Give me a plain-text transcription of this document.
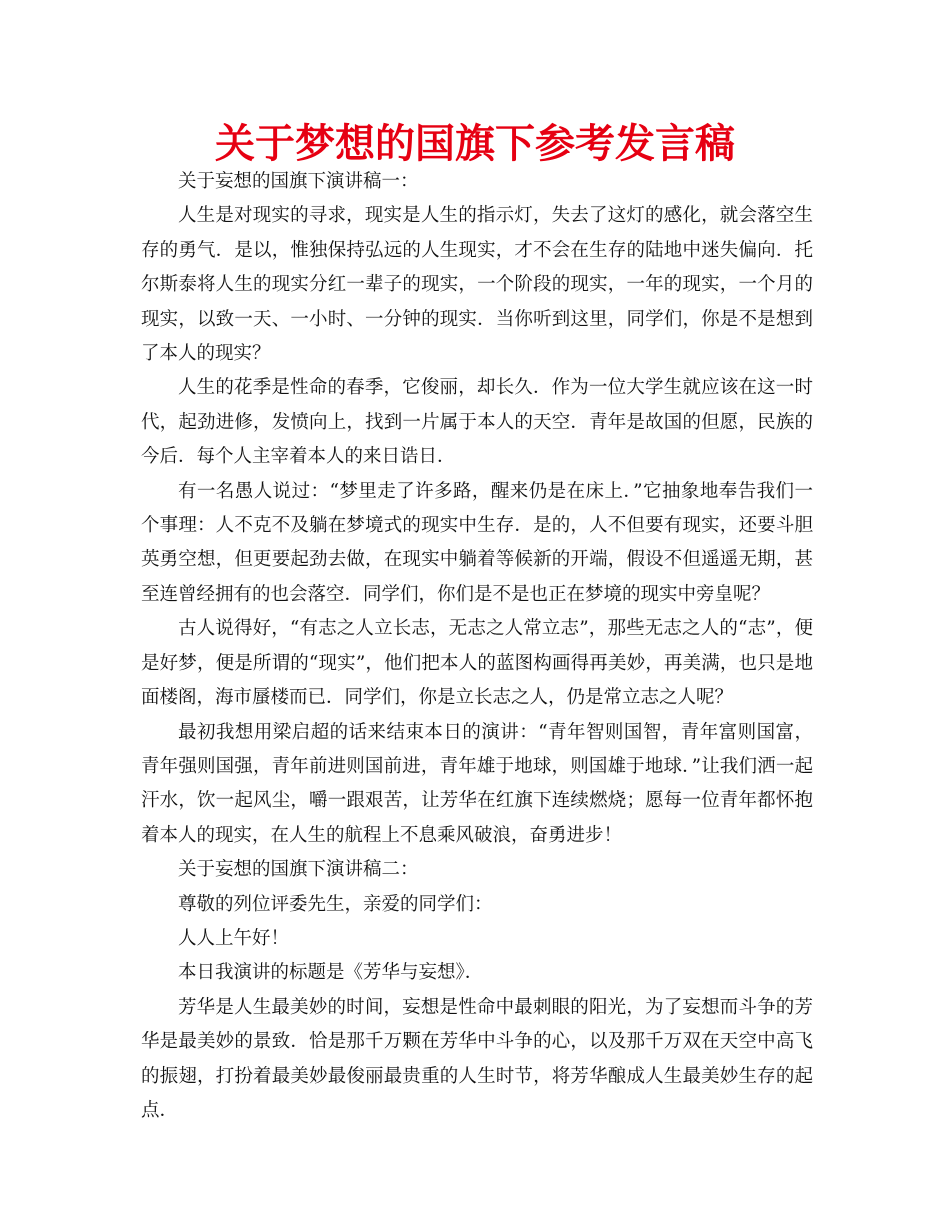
关于梦想的国旗下参考发言稿

关于妄想的国旗下演讲稿一：

人生是对现实的寻求，现实是人生的指示灯，失去了这灯的感化，就会落空生存的勇气．是以，惟独保持弘远的人生现实，才不会在生存的陆地中迷失偏向．托尔斯泰将人生的现实分红一辈子的现实，一个阶段的现实，一年的现实，一个月的现实，以致一天、一小时、一分钟的现实．当你听到这里，同学们，你是不是想到了本人的现实？

人生的花季是性命的春季，它俊丽，却长久．作为一位大学生就应该在这一时代，起劲进修，发愤向上，找到一片属于本人的天空．青年是故国的但愿，民族的今后．每个人主宰着本人的来日诰日．

有一名愚人说过：“梦里走了许多路，醒来仍是在床上．”它抽象地奉告我们一个事理：人不克不及躺在梦境式的现实中生存．是的，人不但要有现实，还要斗胆英勇空想，但更要起劲去做，在现实中躺着等候新的开端，假设不但遥遥无期，甚至连曾经拥有的也会落空．同学们，你们是不是也正在梦境的现实中旁皇呢？

古人说得好，“有志之人立长志，无志之人常立志”，那些无志之人的“志”，便是好梦，便是所谓的“现实”，他们把本人的蓝图构画得再美妙，再美满，也只是地面楼阁，海市蜃楼而已．同学们，你是立长志之人，仍是常立志之人呢？

最初我想用梁启超的话来结束本日的演讲：“青年智则国智，青年富则国富，青年强则国强，青年前进则国前进，青年雄于地球，则国雄于地球．”让我们洒一起汗水，饮一起风尘，嚼一跟艰苦，让芳华在红旗下连续燃烧；愿每一位青年都怀抱着本人的现实，在人生的航程上不息乘风破浪，奋勇进步！

关于妄想的国旗下演讲稿二：

尊敬的列位评委先生，亲爱的同学们：

人人上午好！

本日我演讲的标题是《芳华与妄想》．

芳华是人生最美妙的时间，妄想是性命中最刺眼的阳光，为了妄想而斗争的芳华是最美妙的景致．恰是那千万颗在芳华中斗争的心，以及那千万双在天空中高飞的振翅，打扮着最美妙最俊丽最贵重的人生时节，将芳华酿成人生最美妙生存的起点．
